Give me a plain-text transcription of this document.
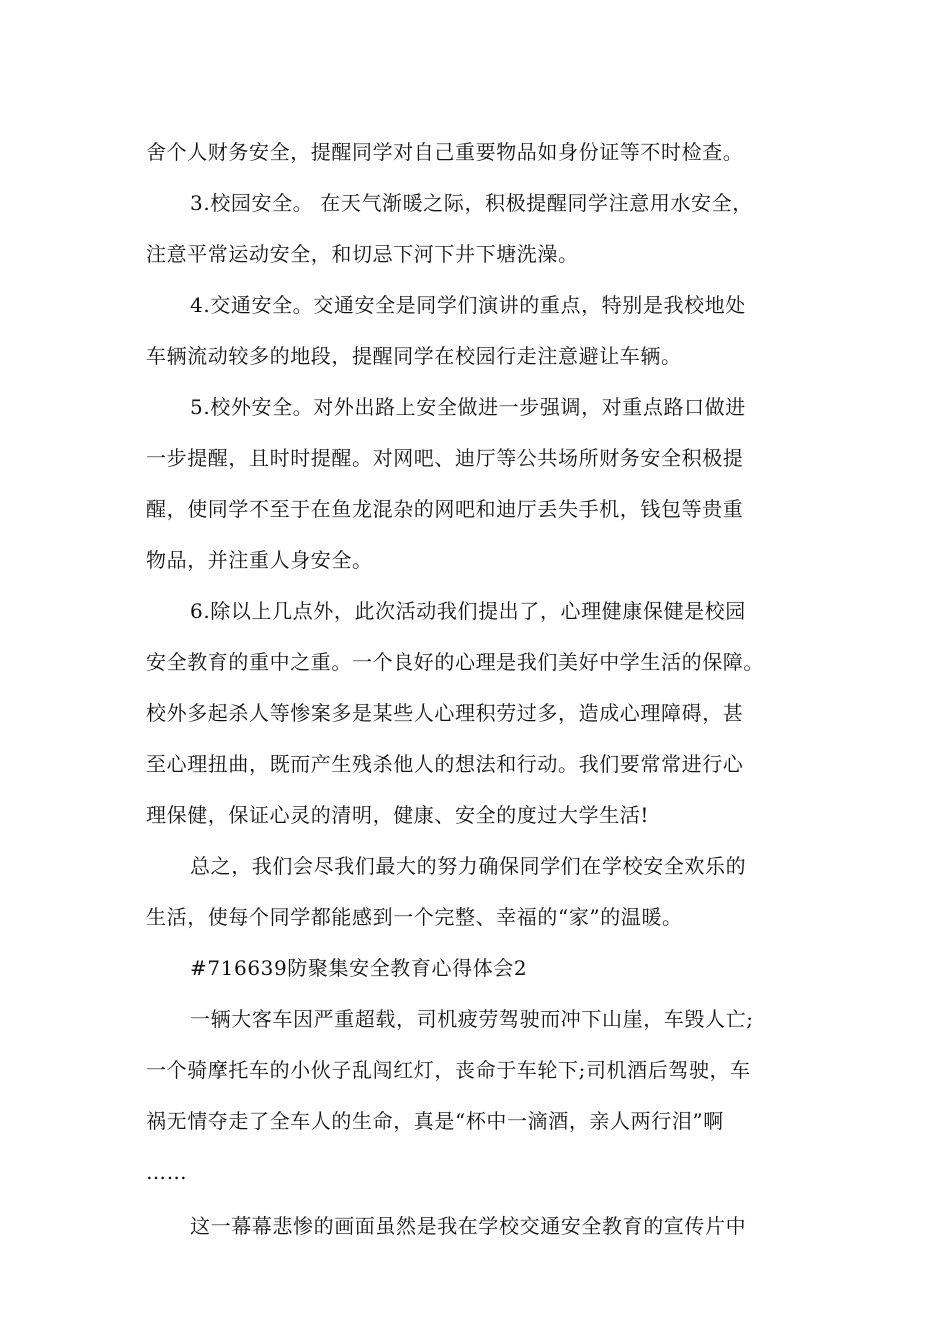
舍个人财务安全，提醒同学对自己重要物品如身份证等不时检查。
3.校园安全。 在天气渐暖之际，积极提醒同学注意用水安全，
注意平常运动安全，和切忌下河下井下塘洗澡。
4.交通安全。交通安全是同学们演讲的重点，特别是我校地处
车辆流动较多的地段，提醒同学在校园行走注意避让车辆。
5.校外安全。对外出路上安全做进一步强调，对重点路口做进
一步提醒，且时时提醒。对网吧、迪厅等公共场所财务安全积极提
醒，使同学不至于在鱼龙混杂的网吧和迪厅丢失手机，钱包等贵重
物品，并注重人身安全。
6.除以上几点外，此次活动我们提出了，心理健康保健是校园
安全教育的重中之重。一个良好的心理是我们美好中学生活的保障。
校外多起杀人等惨案多是某些人心理积劳过多，造成心理障碍，甚
至心理扭曲，既而产生残杀他人的想法和行动。我们要常常进行心
理保健，保证心灵的清明，健康、安全的度过大学生活!
总之，我们会尽我们最大的努力确保同学们在学校安全欢乐的
生活，使每个同学都能感到一个完整、幸福的“家”的温暖。
#716639防聚集安全教育心得体会2
一辆大客车因严重超载，司机疲劳驾驶而冲下山崖，车毁人亡;
一个骑摩托车的小伙子乱闯红灯，丧命于车轮下;司机酒后驾驶，车
祸无情夺走了全车人的生命，真是“杯中一滴酒，亲人两行泪”啊
……
这一幕幕悲惨的画面虽然是我在学校交通安全教育的宣传片中
